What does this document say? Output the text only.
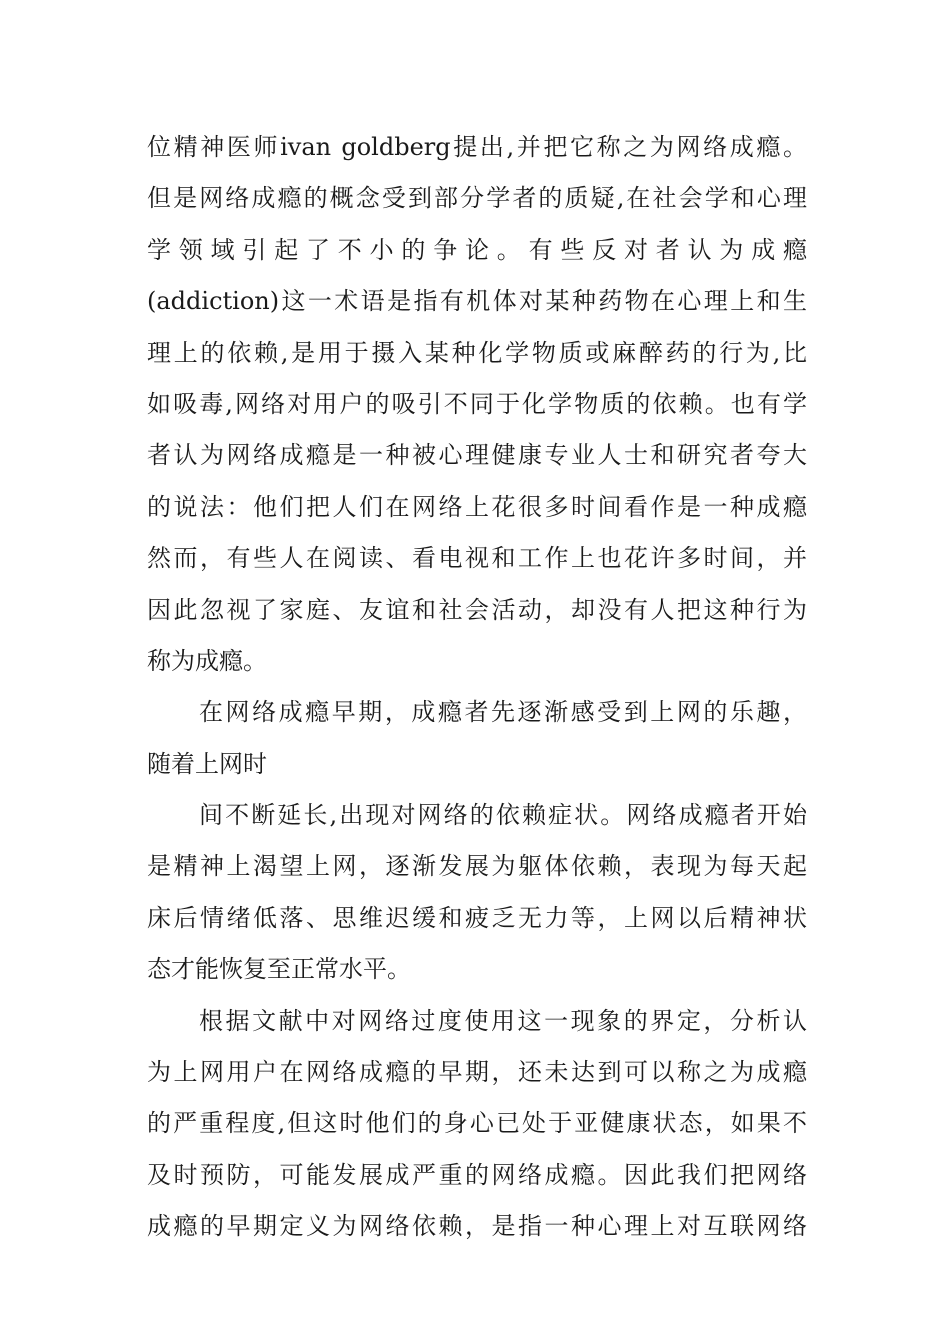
位精神医师ivan goldberg提出,并把它称之为网络成瘾。
但是网络成瘾的概念受到部分学者的质疑,在社会学和心理
学领域引起了不小的争论。有些反对者认为成瘾
(addiction)这一术语是指有机体对某种药物在心理上和生
理上的依赖,是用于摄入某种化学物质或麻醉药的行为,比
如吸毒,网络对用户的吸引不同于化学物质的依赖。也有学
者认为网络成瘾是一种被心理健康专业人士和研究者夸大
的说法：他们把人们在网络上花很多时间看作是一种成瘾
然而，有些人在阅读、看电视和工作上也花许多时间，并
因此忽视了家庭、友谊和社会活动，却没有人把这种行为
称为成瘾。
在网络成瘾早期，成瘾者先逐渐感受到上网的乐趣，
随着上网时
间不断延长,出现对网络的依赖症状。网络成瘾者开始
是精神上渴望上网，逐渐发展为躯体依赖，表现为每天起
床后情绪低落、思维迟缓和疲乏无力等，上网以后精神状
态才能恢复至正常水平。
根据文献中对网络过度使用这一现象的界定，分析认
为上网用户在网络成瘾的早期，还未达到可以称之为成瘾
的严重程度,但这时他们的身心已处于亚健康状态，如果不
及时预防，可能发展成严重的网络成瘾。因此我们把网络
成瘾的早期定义为网络依赖，是指一种心理上对互联网络
